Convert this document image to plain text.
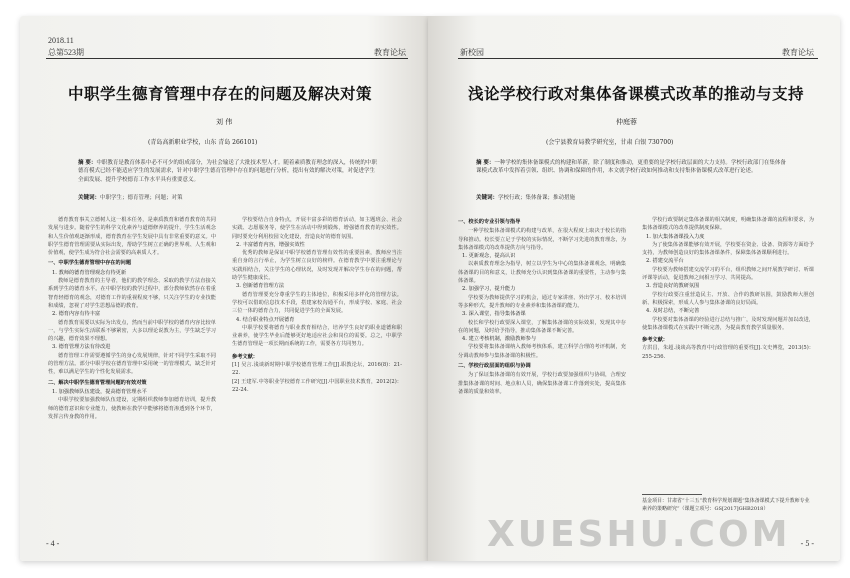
2018.11
总第523期	教育论坛
中职学生德育管理中存在的问题及解决对策
刘 伟
(青岛高新职业学校，山东 青岛 266101)
摘 要：中职教育是教育体系中必不可少的组成部分，为社会输送了大批技术型人才。随着素质教育理念的深入，传统的中职德育模式已经不能适应学生的发展需求，针对中职学生德育管理中存在的问题进行分析，提出有效的解决对策，对促进学生全面发展、提升学校德育工作水平具有重要意义。
关键词：中职学生；德育管理；问题；对策

德育教育事关立德树人这一根本任务，是素质教育和德育教育的共同发展与进步。随着学生的科学文化素养与道德修养的提升，学生生活观念和人生价值观逐渐形成，德育教育在学生发展中具有非常重要的意义。中职学生德育管理需要从实际出发，帮助学生树立正确的世界观、人生观和价值观，使学生成为符合社会需要的高素质人才。

一、中职学生德育管理中存在的问题

1. 教师的德育管理观念有待更新

教师是德育教育的主导者，他们的教学理念、采取的教学方法直接关系到学生的德育水平。在中职学校的教学过程中，部分教师依然存在着重智育轻德育的观念，对德育工作的重视程度不够，只关注学生的专业技能和成绩，忽视了对学生思想品德的教育。

2. 德育内容有待丰富

德育教育需要以实际为出发点，然而当前中职学校的德育内容比较单一，与学生实际生活联系不够紧密，大多以理论说教为主，学生缺乏学习的兴趣，德育效果不理想。

3. 德育管理方法有待改进

德育管理工作需要遵循学生的身心发展规律，针对不同学生采取不同的管理方法。部分中职学校在德育管理中采用统一的管理模式，缺乏针对性，难以满足学生的个性化发展需求。

二、解决中职学生德育管理问题的有效对策

1. 加强教师队伍建设，提高德育管理水平

中职学校要加强教师队伍建设，定期组织教师参加德育培训，提升教师的德育意识和专业能力，使教师在教学中能够将德育渗透到各个环节，发挥言传身教的作用。

学校要结合自身特点，开展丰富多彩的德育活动，如主题班会、社会实践、志愿服务等，使学生在活动中得到锻炼，增强德育教育的实效性。同时要充分利用校园文化建设，营造良好的德育氛围。

2. 丰富德育内容，增强实效性

优秀的教师是保证中职学校德育管理有效性的重要因素，教师应当注重自身的言行举止，为学生树立良好的榜样。在德育教学中要注重理论与实践相结合，关注学生的心理状况，及时发现并解决学生存在的问题，帮助学生健康成长。

3. 创新德育管理方法

德育管理要充分尊重学生的主体地位，积极采用多样化的管理方法。学校可以借助信息技术手段，搭建家校沟通平台，形成学校、家庭、社会三位一体的德育合力，共同促进学生的全面发展。

4. 结合职业特点开展德育

中职学校要将德育与职业教育相结合，培养学生良好的职业道德和职业素养，使学生毕业后能够更好地适应社会和岗位的需要。总之，中职学生德育管理是一项长期而系统的工作，需要各方共同努力。

参考文献：

[1] 吴言.浅谈新时期中职学校德育管理工作[J].职教论坛，2016(8)：21-22.

[2] 王建军.中等职业学校德育工作研究[J].中国职业技术教育，2012(2)：22-24.

- 4 -
新校园	教育论坛
浅论学校行政对集体备课模式改革的推动与支持
仲庭蓉
(会宁县教育局教学研究室，甘肃 白银 730700)
摘 要：一种学校的集体备课模式的构建和革新，除了制度和推动，更重要的是学校行政层面的大力支持。学校行政部门在集体备课模式改革中发挥着引领、组织、协调和保障的作用，本文就学校行政如何推动和支持集体备课模式改革进行论述。
关键词：学校行政；集体备课；推动措施

一、校长的专业引领与指导

一种学校集体备课模式的构建与改革，在很大程度上取决于校长的指导和推动。校长要立足于学校的实际情况，不断学习先进的教育理念，为集体备课模式的改革提供方向与指导。

1. 更新观念，提高认识

以素质教育理念为指导，树立以学生为中心的集体备课观念，明确集体备课的目的和意义，让教师充分认识到集体备课的重要性，主动参与集体备课。

2. 加强学习，提升能力

学校要为教师提供学习的机会，通过专家讲座、外出学习、校本培训等多种形式，提升教师的专业素养和集体备课的能力。

3. 深入课堂，指导集体备课

校长和学校行政要深入课堂，了解集体备课的实际效果，发现其中存在的问题，及时给予指导，推动集体备课不断完善。

4. 建立考核机制，激励教师参与

学校要将集体备课纳入教师考核体系，建立科学合理的考评机制，充分调动教师参与集体备课的积极性。

二、学校行政层面的组织与协调

为了保证集体备课的有效开展，学校行政要加强组织与协调，合理安排集体备课的时间、地点和人员，确保集体备课工作落到实处，提高集体备课的质量和效率。

学校行政要制定集体备课的相关制度，明确集体备课的流程和要求，为集体备课模式的改革提供制度保障。

1. 加大集体备课投入力度

为了使集体备课能够有效开展，学校要在资金、设备、资源等方面给予支持，为教师创造良好的集体备课条件，保障集体备课顺利进行。

2. 搭建交流平台

学校要为教师搭建交流学习的平台，组织教师之间开展教学研讨、听课评课等活动，促进教师之间相互学习、共同提高。

3. 营造良好的教研氛围

学校行政要注重营造民主、开放、合作的教研氛围，鼓励教师大胆创新、积极探索，形成人人参与集体备课的良好局面。

4. 及时总结，不断完善

学校要对集体备课的经验进行总结与推广，及时发现问题并加以改进，使集体备课模式在实践中不断完善，为提高教育教学质量服务。

参考文献：

方洪昌，朱超.浅谈高等教育中行政管理的重要性[J].文史博览，2013(5)：255-256.

基金项目：甘肃省“十三五”教育科学规划课题“集体备课模式下提升教师专业素养的策略研究”（课题立项号：GS[2017]GHB2018）
- 5 -
XUESHU.COM
